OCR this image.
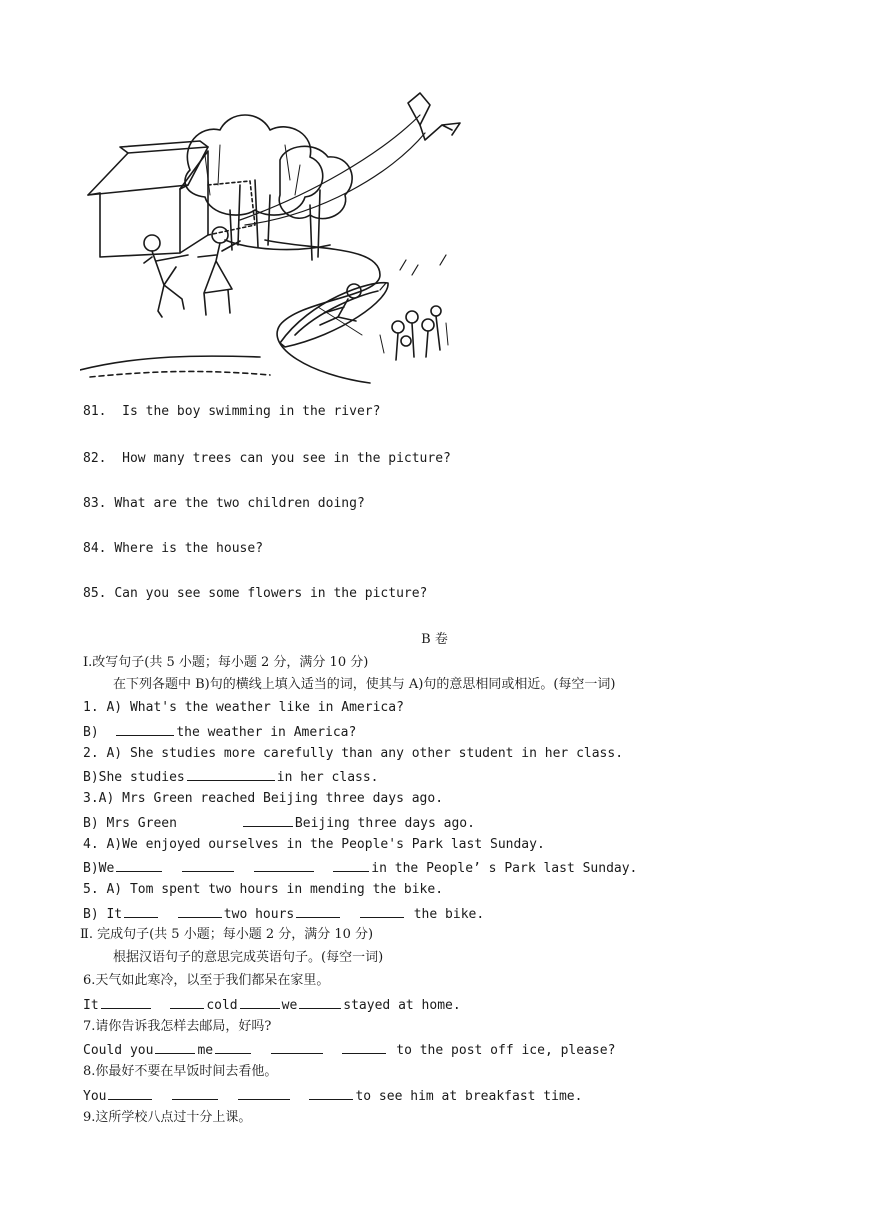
81. Is the boy swimming in the river?
82. How many trees can you see in the picture?
83. What are the two children doing?
84. Where is the house?
85. Can you see some flowers in the picture?
B 卷
I.改写句子(共 5 小题；每小题 2 分，满分 10 分)
在下列各题中 B)句的横线上填入适当的词，使其与 A)句的意思相同或相近。(每空一词)
1. A) What's the weather like in America?
B)	the weather in America?
2. A) She studies more carefully than any other student in her class.
B)She studies	in her class.
3.A) Mrs Green reached Beijing three days ago.
B) Mrs Green	Beijing three days ago.
4. A)We enjoyed ourselves in the People's Park last Sunday.
B)We	in the People’ s Park last Sunday.
5. A) Tom spent two hours in mending the bike.
B) It	two hours	the bike.
Ⅱ. 完成句子(共 5 小题；每小题 2 分，满分 10 分)
根据汉语句子的意思完成英语句子。(每空一词)
6.天气如此寒冷，以至于我们都呆在家里。
It	cold	we	stayed at home.
7.请你告诉我怎样去邮局，好吗?
Could you	me	to the post off ice, please?
8.你最好不要在早饭时间去看他。
You	to see him at breakfast time.
9.这所学校八点过十分上课。
